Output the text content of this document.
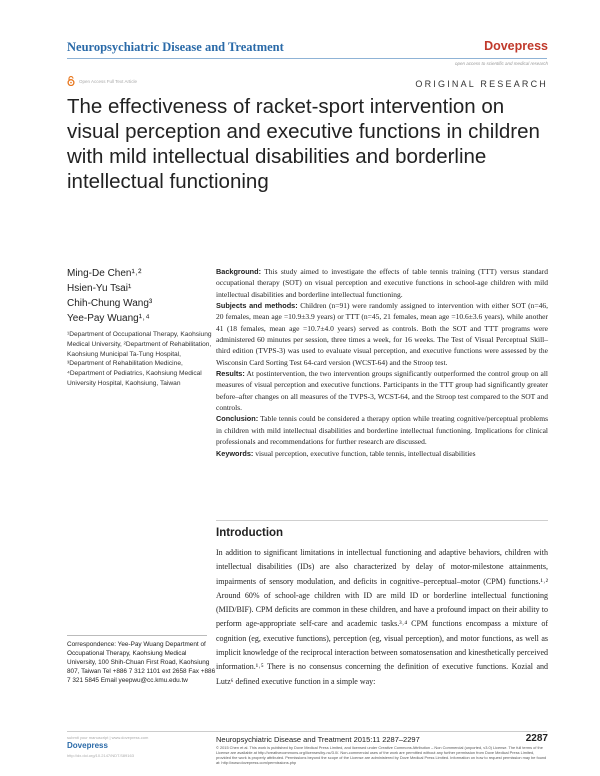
Neuropsychiatric Disease and Treatment	Dovepress
open access to scientific and medical research
Open Access Full Text Article	ORIGINAL RESEARCH
The effectiveness of racket-sport intervention on visual perception and executive functions in children with mild intellectual disabilities and borderline intellectual functioning
Ming-De Chen¹˒²
Hsien-Yu Tsai¹
Chih-Chung Wang³
Yee-Pay Wuang¹˒⁴
¹Department of Occupational Therapy, Kaohsiung Medical University, ²Department of Rehabilitation, Kaohsiung Municipal Ta-Tung Hospital, ³Department of Rehabilitation Medicine, ⁴Department of Pediatrics, Kaohsiung Medical University Hospital, Kaohsiung, Taiwan

Background: This study aimed to investigate the effects of table tennis training (TTT) versus standard occupational therapy (SOT) on visual perception and executive functions in school-age children with mild intellectual disabilities and borderline intellectual functioning.

Subjects and methods: Children (n=91) were randomly assigned to intervention with either SOT (n=46, 20 females, mean age =10.9±3.9 years) or TTT (n=45, 21 females, mean age =10.6±3.6 years), while another 41 (18 females, mean age =10.7±4.0 years) served as controls. Both the SOT and TTT programs were administered 60 minutes per session, three times a week, for 16 weeks. The Test of Visual Perceptual Skill–third edition (TVPS-3) was used to evaluate visual perception, and executive functions were assessed by the Wisconsin Card Sorting Test 64-card version (WCST-64) and the Stroop test.

Results: At postintervention, the two intervention groups significantly outperformed the control group on all measures of visual perception and executive functions. Participants in the TTT group had significantly greater before–after changes on all measures of the TVPS-3, WCST-64, and the Stroop test compared to the SOT and controls.

Conclusion: Table tennis could be considered a therapy option while treating cognitive/perceptual problems in children with mild intellectual disabilities and borderline intellectual functioning. Implications for clinical professionals and recommendations for further research are discussed.

Keywords: visual perception, executive function, table tennis, intellectual disabilities

Introduction
In addition to significant limitations in intellectual functioning and adaptive behaviors, children with intellectual disabilities (IDs) are also characterized by delay of motor-milestone attainments, impairments of sensory modulation, and deficits in cognitive–perceptual–motor (CPM) functions.¹˒² Around 60% of school-age children with ID are mild ID or borderline intellectual functioning (MID/BIF). CPM deficits are common in these children, and have a profound impact on their ability to perform age-appropriate self-care and academic tasks.³˒⁴ CPM functions encompass a mixture of cognition (eg, executive functions), perception (eg, visual perception), and motor functions, as well as implicit knowledge of the reciprocal interaction between somatosensation and kinesthetically perceived information.¹˒⁵ There is no consensus concerning the definition of executive functions. Kozial and Lutz⁶ defined executive function in a simple way:
Correspondence: Yee-Pay Wuang Department of Occupational Therapy, Kaohsiung Medical University, 100 Shih-Chuan First Road, Kaohsiung 807, Taiwan Tel +886 7 312 1101 ext 2658 Fax +886 7 321 5845 Email yeepwu@cc.kmu.edu.tw
submit your manuscript | www.dovepress.com
Dovepress
http://dx.doi.org/10.2147/NDT.S89163
Neuropsychiatric Disease and Treatment 2015:11 2287–2297	2287
© 2015 Chen et al. This work is published by Dove Medical Press Limited, and licensed under Creative Commons Attribution – Non Commercial (unported, v3.0) License. The full terms of the License are available at http://creativecommons.org/licenses/by-nc/3.0/. Non-commercial uses of the work are permitted without any further permission from Dove Medical Press Limited, provided the work is properly attributed. Permissions beyond the scope of the License are administered by Dove Medical Press Limited. Information on how to request permission may be found at: http://www.dovepress.com/permissions.php
